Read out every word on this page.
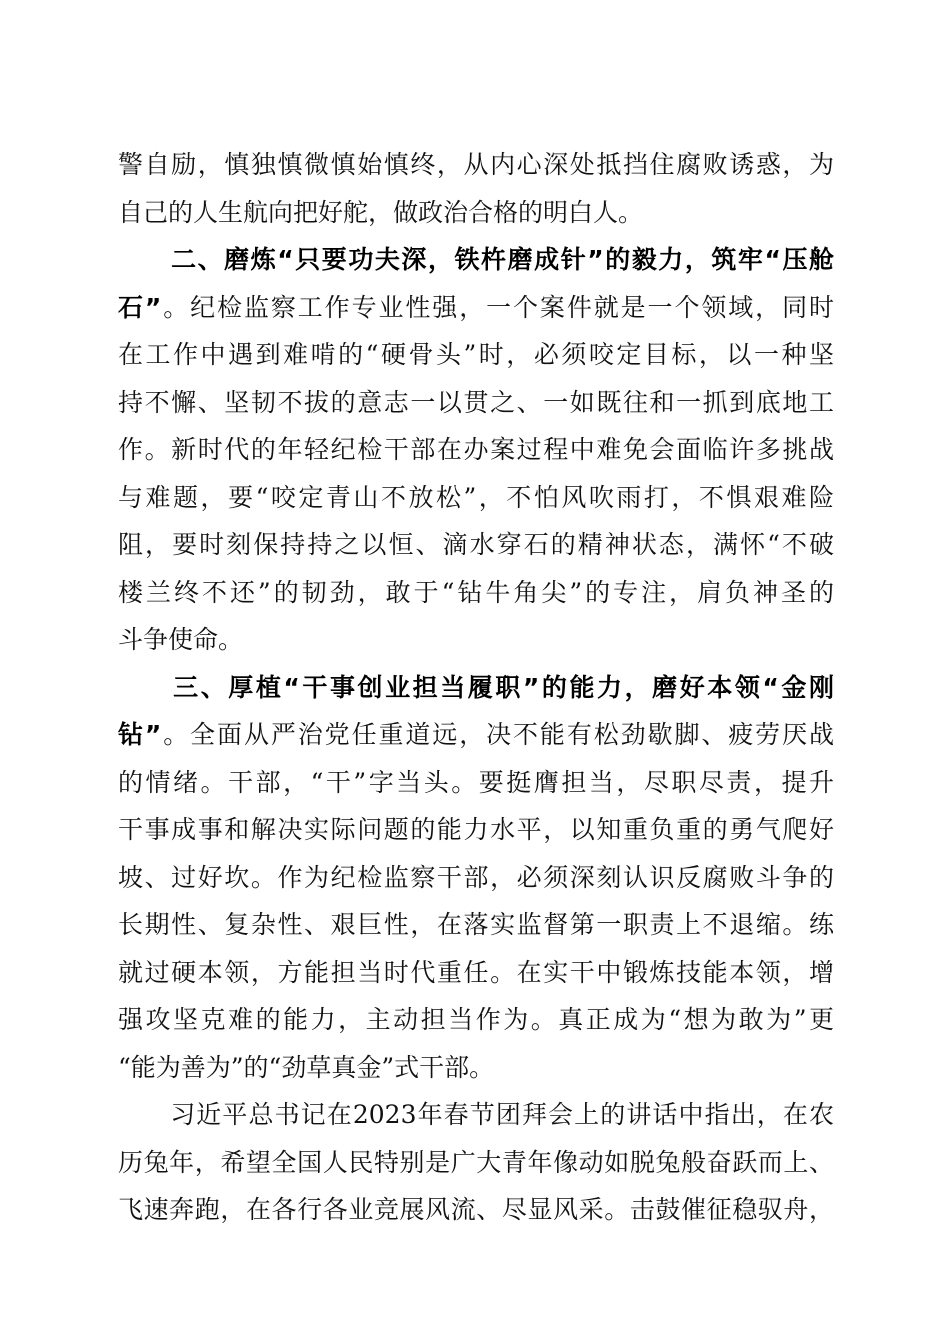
警自励，慎独慎微慎始慎终，从内心深处抵挡住腐败诱惑，为
自己的人生航向把好舵，做政治合格的明白人。
　　二、磨炼“只要功夫深，铁杵磨成针”的毅力，筑牢“压舱
石”。纪检监察工作专业性强，一个案件就是一个领域，同时
在工作中遇到难啃的“硬骨头”时，必须咬定目标，以一种坚
持不懈、坚韧不拔的意志一以贯之、一如既往和一抓到底地工
作。新时代的年轻纪检干部在办案过程中难免会面临许多挑战
与难题，要“咬定青山不放松”，不怕风吹雨打，不惧艰难险
阻，要时刻保持持之以恒、滴水穿石的精神状态，满怀“不破
楼兰终不还”的韧劲，敢于“钻牛角尖”的专注，肩负神圣的
斗争使命。
　　三、厚植“干事创业担当履职”的能力，磨好本领“金刚
钻”。全面从严治党任重道远，决不能有松劲歇脚、疲劳厌战
的情绪。干部，“干”字当头。要挺膺担当，尽职尽责，提升
干事成事和解决实际问题的能力水平，以知重负重的勇气爬好
坡、过好坎。作为纪检监察干部，必须深刻认识反腐败斗争的
长期性、复杂性、艰巨性，在落实监督第一职责上不退缩。练
就过硬本领，方能担当时代重任。在实干中锻炼技能本领，增
强攻坚克难的能力，主动担当作为。真正成为“想为敢为”更
“能为善为”的“劲草真金”式干部。
　　习近平总书记在2023年春节团拜会上的讲话中指出，在农
历兔年，希望全国人民特别是广大青年像动如脱兔般奋跃而上、
飞速奔跑，在各行各业竞展风流、尽显风采。击鼓催征稳驭舟，
